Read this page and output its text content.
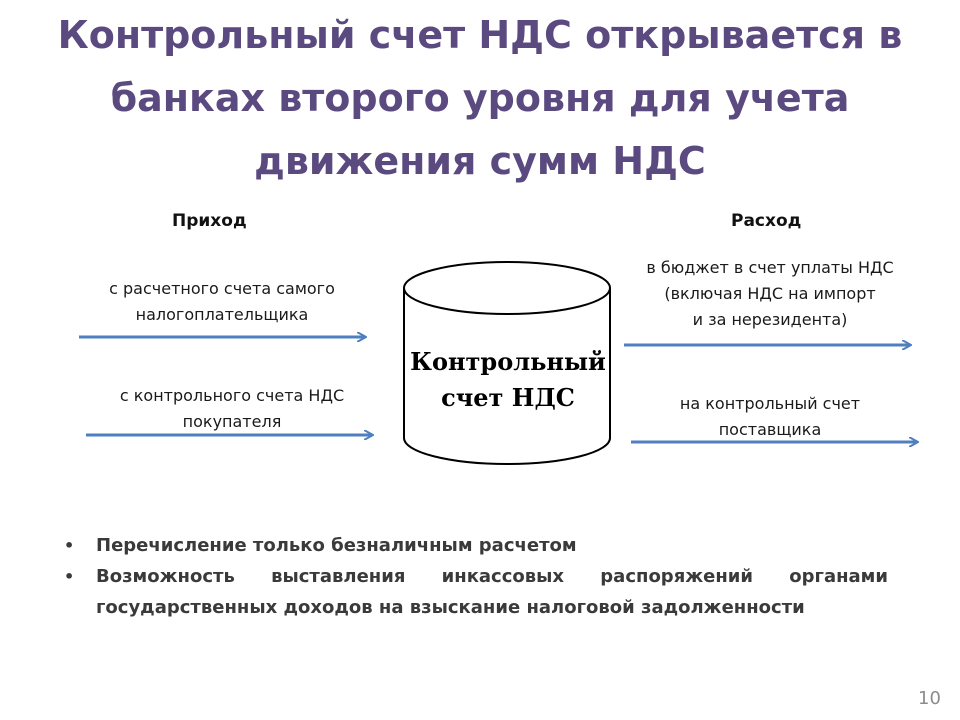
Контрольный счет НДС открывается в банках второго уровня для учета движения сумм НДС
Приход	Расход
с расчетного счета самого
налогоплательщика
с контрольного счета НДС
покупателя
в бюджет в счет уплаты НДС
(включая НДС на импорт
и за нерезидента)
на контрольный счет
поставщика
Контрольный
счет НДС
• Перечисление только безналичным расчетом
• Возможность выставления инкассовых распоряжений органами государственных доходов на взыскание налоговой задолженности
10
